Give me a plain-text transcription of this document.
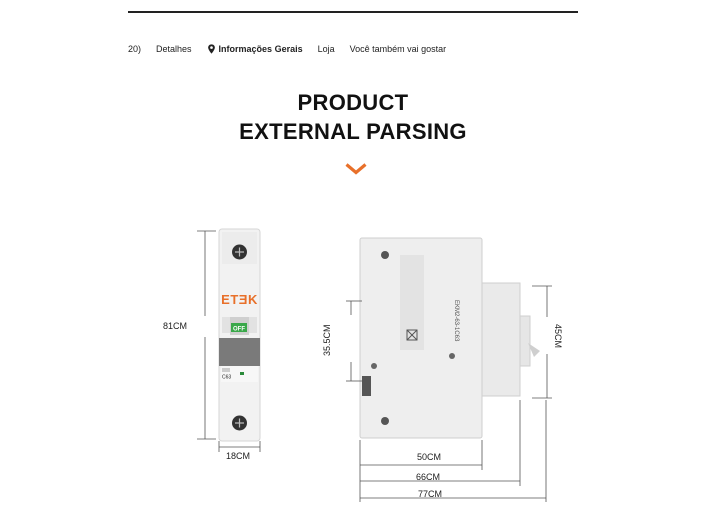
20) Detalhes	Informações Gerais Loja Você também vai gostar
PRODUCT
EXTERNAL PARSING
ETƎK
OFF
C63
EKM2-63-1C63
81CM
18CM
35.5CM	45CM
50CM
66CM
77CM
